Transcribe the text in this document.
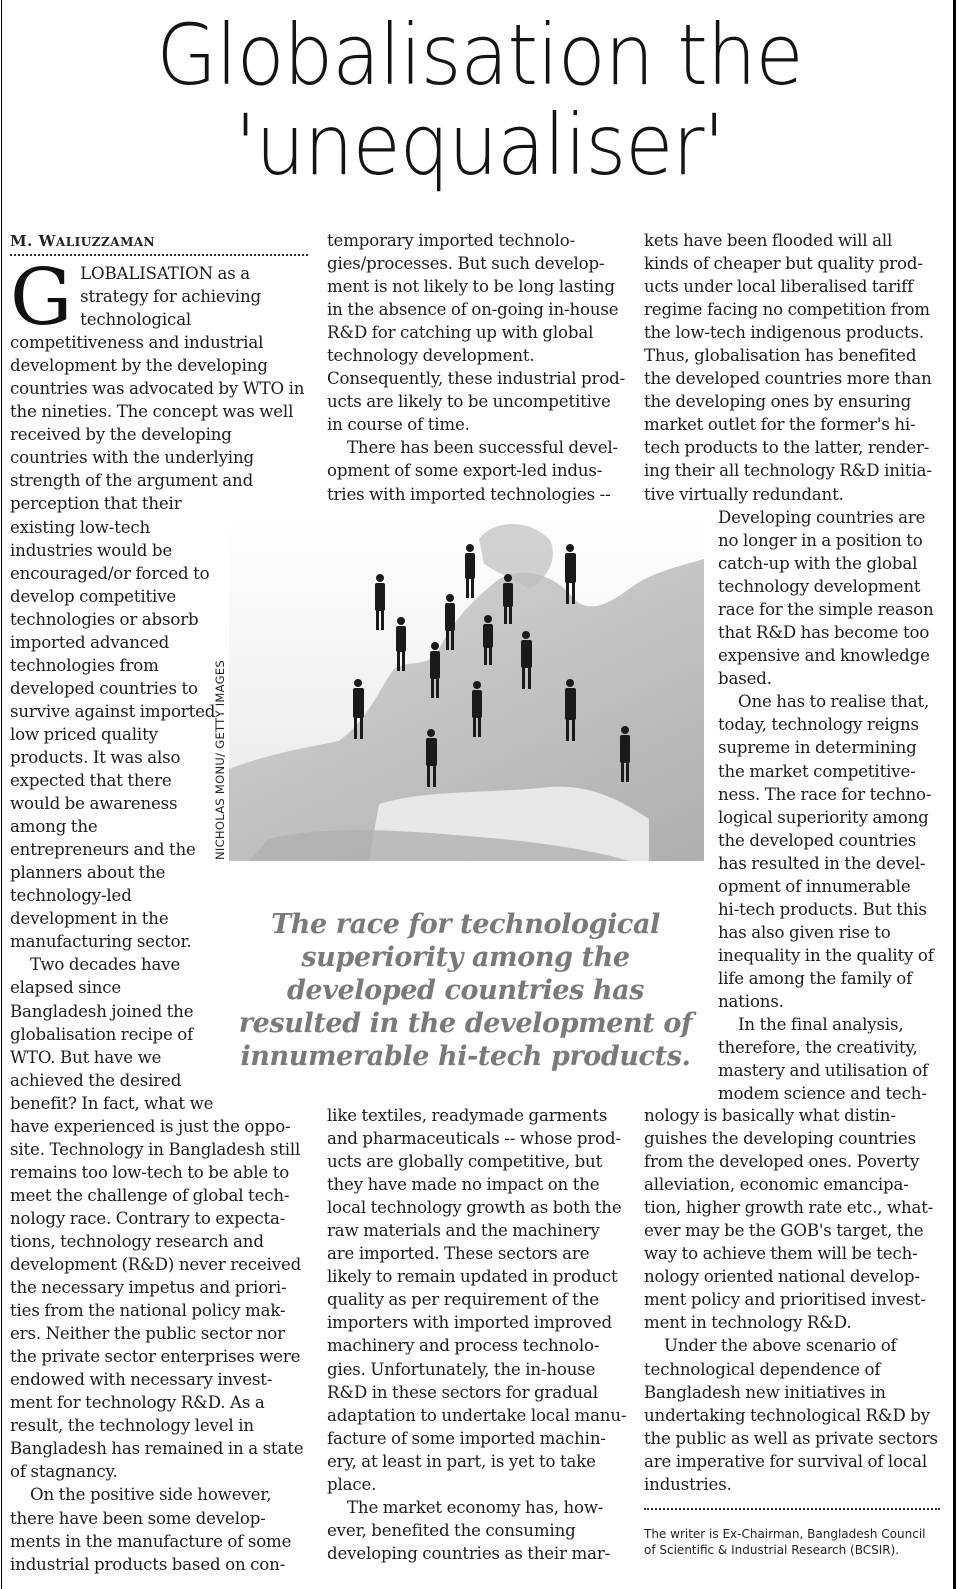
Globalisation the
'unequaliser'
M. WALIUZZAMAN
G LOBALISATION as a

strategy for achieving

technological

competitiveness and industrial

development by the developing

countries was advocated by WTO in

the nineties. The concept was well

received by the developing

countries with the underlying

strength of the argument and

perception that their

existing low-tech

industries would be

encouraged/or forced to

develop competitive

technologies or absorb

imported advanced

technologies from

developed countries to

survive against imported

low priced quality

products. It was also

expected that there

would be awareness

among the

entrepreneurs and the

planners about the

technology-led

development in the

manufacturing sector.

Two decades have

elapsed since

Bangladesh joined the

globalisation recipe of

WTO. But have we

achieved the desired

benefit? In fact, what we

have experienced is just the oppo-

site. Technology in Bangladesh still

remains too low-tech to be able to

meet the challenge of global tech-

nology race. Contrary to expecta-

tions, technology research and

development (R&D) never received

the necessary impetus and priori-

ties from the national policy mak-

ers. Neither the public sector nor

the private sector enterprises were

endowed with necessary invest-

ment for technology R&D. As a

result, the technology level in

Bangladesh has remained in a state

of stagnancy.

On the positive side however,

there have been some develop-

ments in the manufacture of some

industrial products based on con-

temporary imported technolo-

gies/processes. But such develop-

ment is not likely to be long lasting

in the absence of on-going in-house

R&D for catching up with global

technology development.

Consequently, these industrial prod-

ucts are likely to be uncompetitive

in course of time.

There has been successful devel-

opment of some export-led indus-

tries with imported technologies --

like textiles, readymade garments

and pharmaceuticals -- whose prod-

ucts are globally competitive, but

they have made no impact on the

local technology growth as both the

raw materials and the machinery

are imported. These sectors are

likely to remain updated in product

quality as per requirement of the

importers with imported improved

machinery and process technolo-

gies. Unfortunately, the in-house

R&D in these sectors for gradual

adaptation to undertake local manu-

facture of some imported machin-

ery, at least in part, is yet to take

place.

The market economy has, how-

ever, benefited the consuming

developing countries as their mar-

kets have been flooded will all

kinds of cheaper but quality prod-

ucts under local liberalised tariff

regime facing no competition from

the low-tech indigenous products.

Thus, globalisation has benefited

the developed countries more than

the developing ones by ensuring

market outlet for the former's hi-

tech products to the latter, render-

ing their all technology R&D initia-

tive virtually redundant.

Developing countries are

no longer in a position to

catch-up with the global

technology development

race for the simple reason

that R&D has become too

expensive and knowledge

based.

One has to realise that,

today, technology reigns

supreme in determining

the market competitive-

ness. The race for techno-

logical superiority among

the developed countries

has resulted in the devel-

opment of innumerable

hi-tech products. But this

has also given rise to

inequality in the quality of

life among the family of

nations.

In the final analysis,

therefore, the creativity,

mastery and utilisation of

modem science and tech-

nology is basically what distin-

guishes the developing countries

from the developed ones. Poverty

alleviation, economic emancipa-

tion, higher growth rate etc., what-

ever may be the GOB's target, the

way to achieve them will be tech-

nology oriented national develop-

ment policy and prioritised invest-

ment in technology R&D.

Under the above scenario of

technological dependence of

Bangladesh new initiatives in

undertaking technological R&D by

the public as well as private sectors

are imperative for survival of local

industries.

NICHOLAS MONU/ GETTY IMAGES
The race for technological superiority among the developed countries has resulted in the development of innumerable hi-tech products.
The writer is Ex-Chairman, Bangladesh Council
of Scientific & Industrial Research (BCSIR).
